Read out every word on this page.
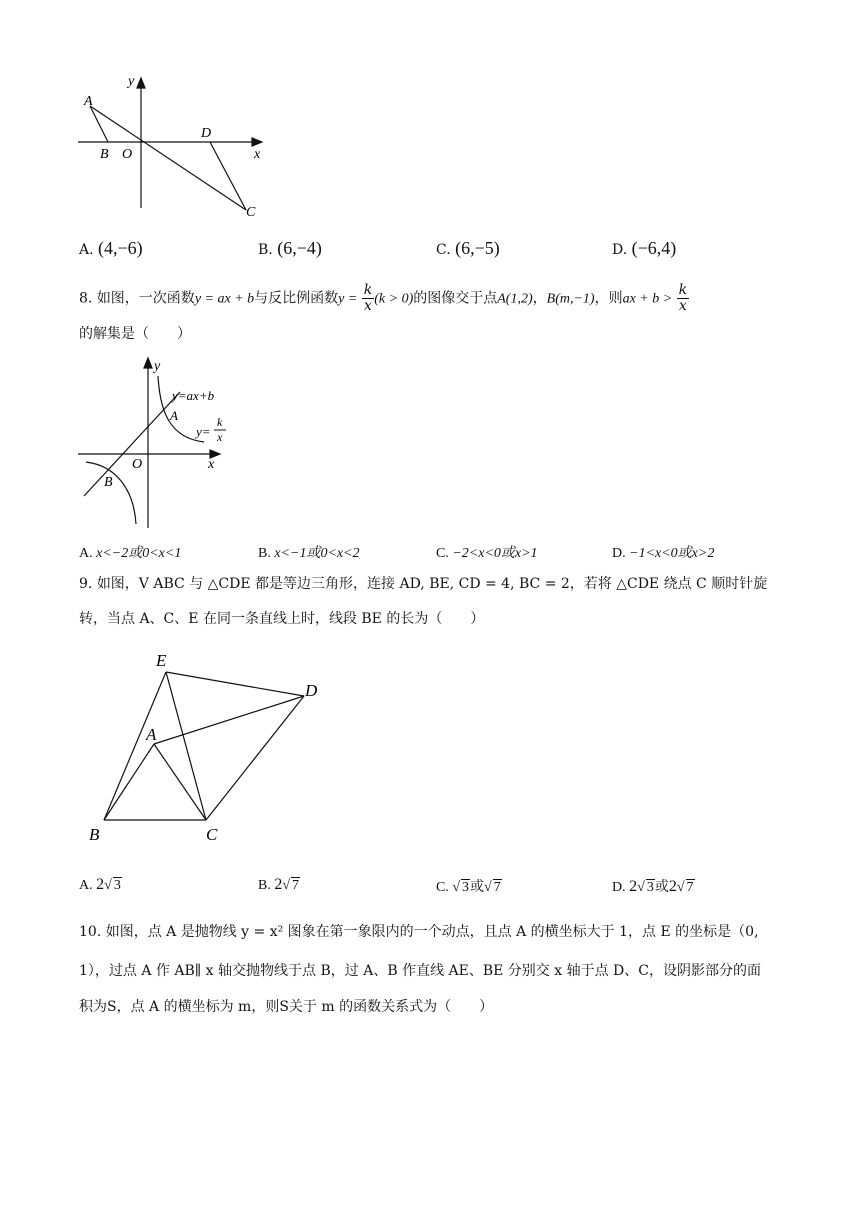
y
A
B O
D
x
C
A. (4,−6)	B. (6,−4)	C. (6,−5)	D. (−6,4)
8. 如图，一次函数y = ax + b与反比例函数$y = \frac{k}{x} (k > 0)$的图像交于点A(1,2)，B(m,−1)，则ax + $b > \frac{k}{x}$
的解集是（　　）
y
y=ax+b
A
y=
k
x
O	x
B
A. x<−2或0<x<1	B. x<−1或0<x<2	C. −2<x<0或x>1	D. −1<x<0或x>2
9. 如图，V ABC 与 △CDE 都是等边三角形，连接 AD, BE, CD = 4, BC = 2，若将 △CDE 绕点 C 顺时针旋
转，当点 A、C、E 在同一条直线上时，线段 BE 的长为（　　）
E
D
A
B	C
A. 2√ 3	B. 2√ 7	C. √ 3或√ 7	D. 2√ 3或2√ 7
10. 如图，点 A 是抛物线 y = x² 图象在第一象限内的一个动点，且点 A 的横坐标大于 1，点 E 的坐标是（0,
1），过点 A 作 AB∥ x 轴交抛物线于点 B，过 A、B 作直线 AE、BE 分别交 x 轴于点 D、C，设阴影部分的面
积为S，点 A 的横坐标为 m，则S关于 m 的函数关系式为（　　）
